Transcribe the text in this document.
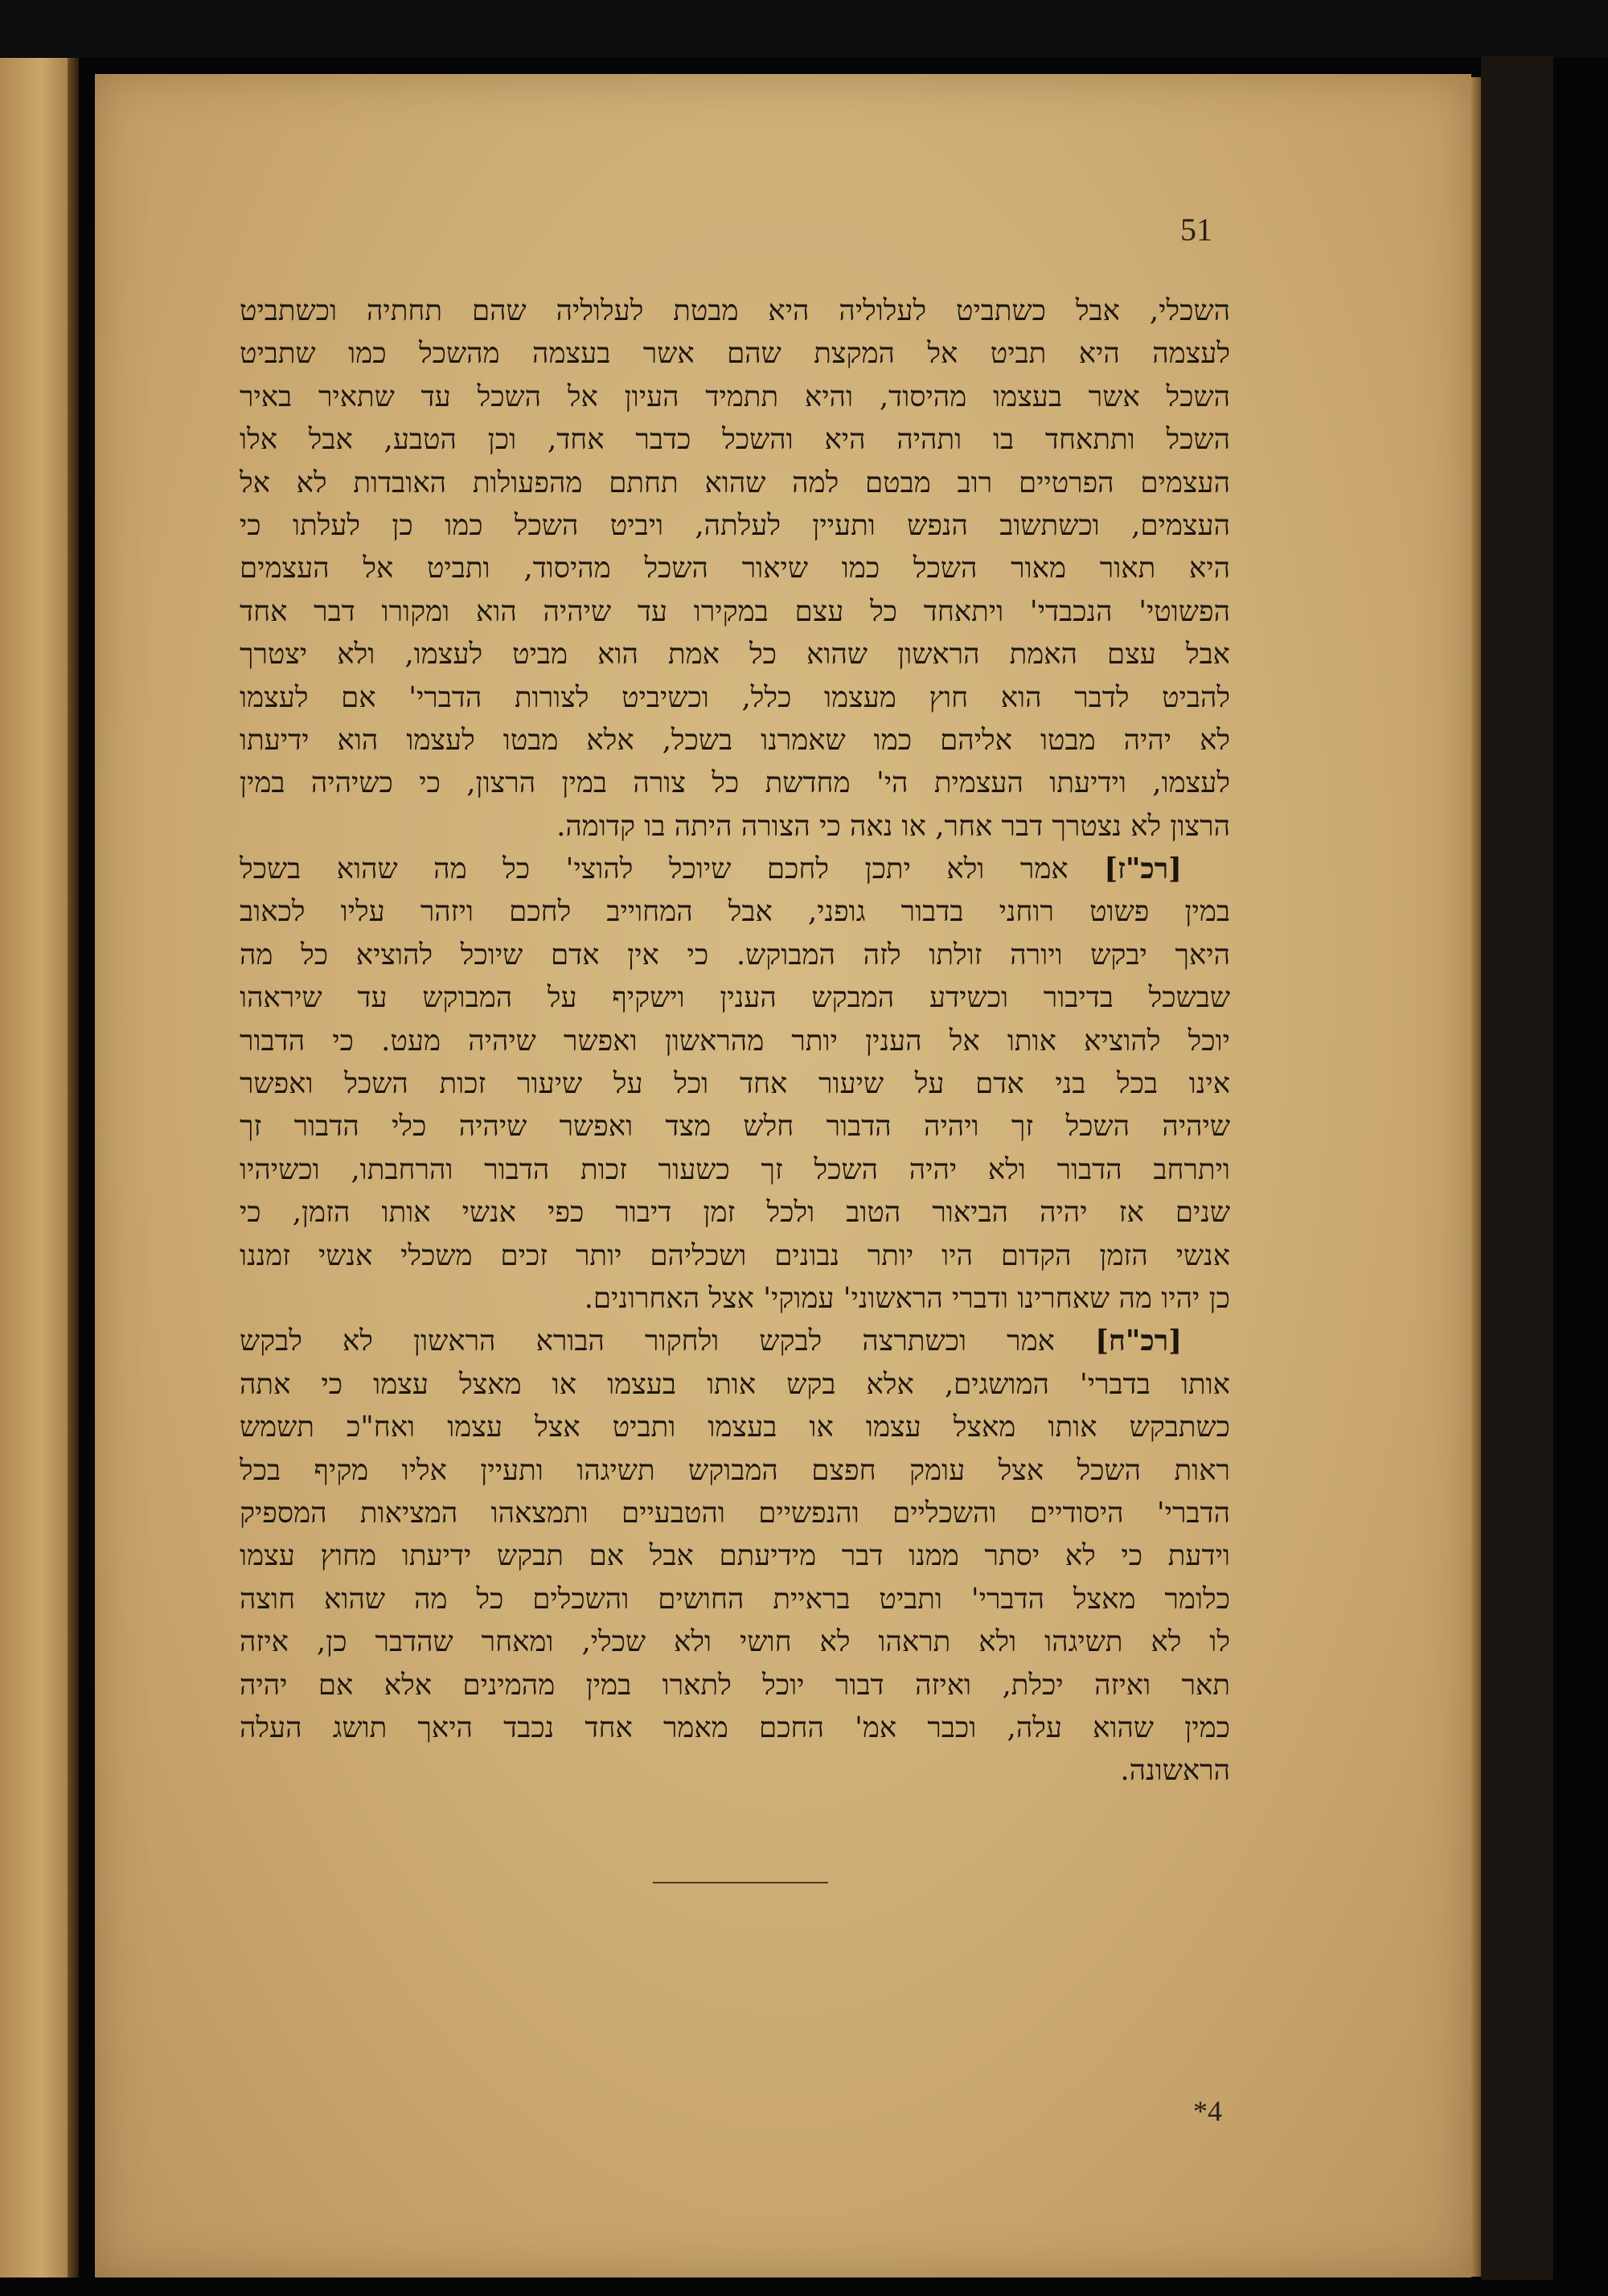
51
השכלי, אבל כשתביט לעלוליה היא מבטת לעלוליה שהם תחתיה וכשתביט
לעצמה היא תביט אל המקצת שהם אשר בעצמה מהשכל כמו שתביט
השכל אשר בעצמו מהיסוד, והיא תתמיד העיון אל השכל עד שתאיר באיר
השכל ותתאחד בו ותהיה היא והשכל כדבר אחד, וכן הטבע, אבל אלו
העצמים הפרטיים רוב מבטם למה שהוא תחתם מהפעולות האובדות לא אל
העצמים, וכשתשוב הנפש ותעיין לעלתה, ויביט השכל כמו כן לעלתו כי
היא תאור מאור השכל כמו שיאור השכל מהיסוד, ותביט אל העצמים
הפשוטי' הנכבדי' ויתאחד כל עצם במקירו עד שיהיה הוא ומקורו דבר אחד
אבל עצם האמת הראשון שהוא כל אמת הוא מביט לעצמו, ולא יצטרך
להביט לדבר הוא חוץ מעצמו כלל, וכשיביט לצורות הדברי' אם לעצמו
לא יהיה מבטו אליהם כמו שאמרנו בשכל, אלא מבטו לעצמו הוא ידיעתו
לעצמו, וידיעתו העצמית הי' מחדשת כל צורה במין הרצון, כי כשיהיה במין
הרצון לא נצטרך דבר אחר, או נאה כי הצורה היתה בו קדומה.
[רכ"ז] אמר ולא יתכן לחכם שיוכל להוצי' כל מה שהוא בשכל
במין פשוט רוחני בדבור גופני, אבל המחוייב לחכם ויזהר עליו לכאוב
היאך יבקש ויורה זולתו לזה המבוקש. כי אין אדם שיוכל להוציא כל מה
שבשכל בדיבור וכשידע המבקש הענין וישקיף על המבוקש עד שיראהו
יוכל להוציא אותו אל הענין יותר מהראשון ואפשר שיהיה מעט. כי הדבור
אינו בכל בני אדם על שיעור אחד וכל על שיעור זכות השכל ואפשר
שיהיה השכל זך ויהיה הדבור חלש מצד ואפשר שיהיה כלי הדבור זך
ויתרחב הדבור ולא יהיה השכל זך כשעור זכות הדבור והרחבתו, וכשיהיו
שנים אז יהיה הביאור הטוב ולכל זמן דיבור כפי אנשי אותו הזמן, כי
אנשי הזמן הקדום היו יותר נבונים ושכליהם יותר זכים משכלי אנשי זמננו
כן יהיו מה שאחרינו ודברי הראשוני' עמוקי' אצל האחרונים.
[רכ"ח] אמר וכשתרצה לבקש ולחקור הבורא הראשון לא לבקש
אותו בדברי' המושגים, אלא בקש אותו בעצמו או מאצל עצמו כי אתה
כשתבקש אותו מאצל עצמו או בעצמו ותביט אצל עצמו ואח"כ תשמש
ראות השכל אצל עומק חפצם המבוקש תשיגהו ותעיין אליו מקיף בכל
הדברי' היסודיים והשכליים והנפשיים והטבעיים ותמצאהו המציאות המספיק
וידעת כי לא יסתר ממנו דבר מידיעתם אבל אם תבקש ידיעתו מחוץ עצמו
כלומר מאצל הדברי' ותביט בראיית החושים והשכלים כל מה שהוא חוצה
לו לא תשיגהו ולא תראהו לא חושי ולא שכלי, ומאחר שהדבר כן, איזה
תאר ואיזה יכלת, ואיזה דבור יוכל לתארו במין מהמינים אלא אם יהיה
כמין שהוא עלה, וכבר אמ' החכם מאמר אחד נכבד היאך תושג העלה
הראשונה.
*4
